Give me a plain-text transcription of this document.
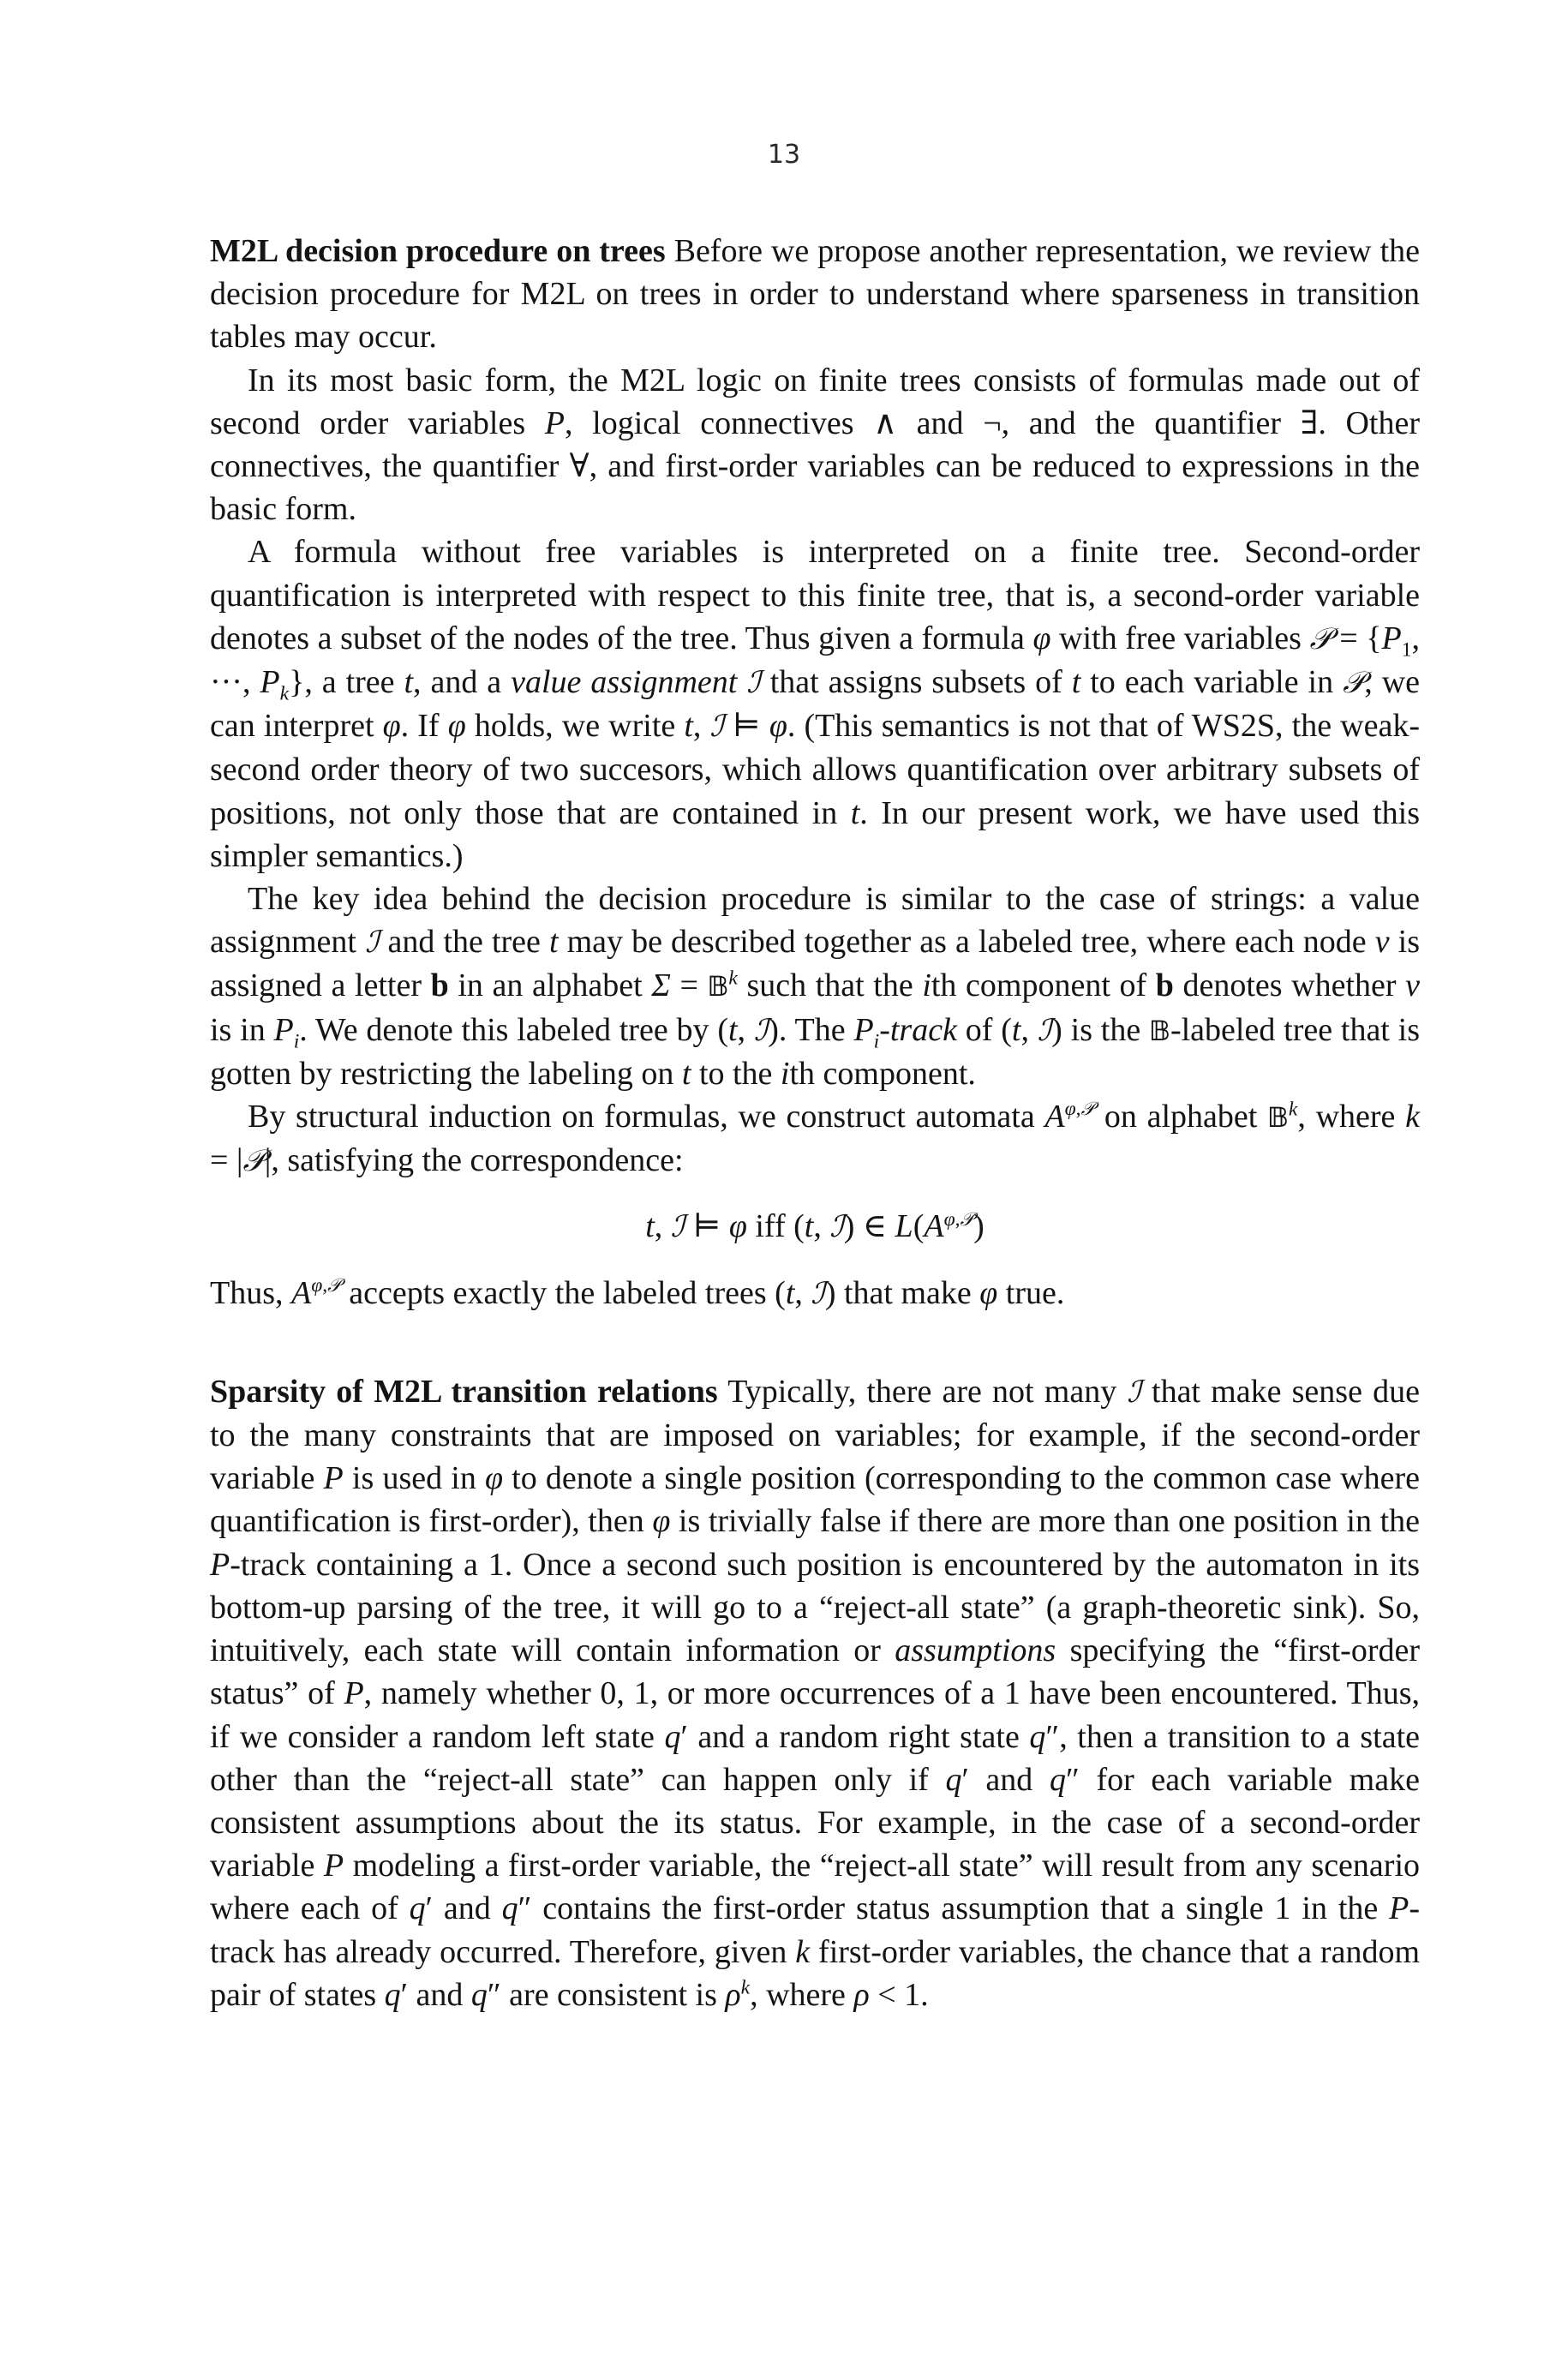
13

M2L decision procedure on trees Before we propose another representation, we review the decision procedure for M2L on trees in order to understand where sparseness in transition tables may occur.

In its most basic form, the M2L logic on finite trees consists of formulas made out of second order variables P, logical connectives ∧ and ¬, and the quantifier ∃. Other connectives, the quantifier ∀, and first-order variables can be reduced to expressions in the basic form.

A formula without free variables is interpreted on a finite tree. Second-order quantification is interpreted with respect to this finite tree, that is, a second-order variable denotes a subset of the nodes of the tree. Thus given a formula φ with free variables 𝒫 = {$P_1$, ···, $P_k$}, a tree t, and a value assignment ℐ that assigns subsets of t to each variable in 𝒫, we can interpret φ. If φ holds, we write t, ℐ ⊨ φ. (This semantics is not that of WS2S, the weak-second order theory of two succesors, which allows quantification over arbitrary subsets of positions, not only those that are contained in t. In our present work, we have used this simpler semantics.)

The key idea behind the decision procedure is similar to the case of strings: a value assignment ℐ and the tree t may be described together as a labeled tree, where each node v is assigned a letter b in an alphabet Σ = 𝔹$^k$ such that the ith component of b denotes whether v is in $P_i$. We denote this labeled tree by (t, ℐ). The $P_i$-track of (t, ℐ) is the 𝔹-labeled tree that is gotten by restricting the labeling on t to the ith component.

By structural induction on formulas, we construct automata $A^{\varphi,𝒫}$ on alphabet 𝔹$^k$, where k = |𝒫|, satisfying the correspondence:

t, ℐ ⊨ φ iff (t, ℐ) ∈ $L(A^{\varphi,𝒫})$

Thus, $A^{\varphi,𝒫}$ accepts exactly the labeled trees (t, ℐ) that make φ true.

Sparsity of M2L transition relations Typically, there are not many ℐ that make sense due to the many constraints that are imposed on variables; for example, if the second-order variable P is used in φ to denote a single position (corresponding to the common case where quantification is first-order), then φ is trivially false if there are more than one position in the P-track containing a 1. Once a second such position is encountered by the automaton in its bottom-up parsing of the tree, it will go to a “reject-all state” (a graph-theoretic sink). So, intuitively, each state will contain information or assumptions specifying the “first-order status” of P, namely whether 0, 1, or more occurrences of a 1 have been encountered. Thus, if we consider a random left state q′ and a random right state q″, then a transition to a state other than the “reject-all state” can happen only if q′ and q″ for each variable make consistent assumptions about the its status. For example, in the case of a second-order variable P modeling a first-order variable, the “reject-all state” will result from any scenario where each of q′ and q″ contains the first-order status assumption that a single 1 in the P-track has already occurred. Therefore, given k first-order variables, the chance that a random pair of states q′ and q″ are consistent is $\rho^k$, where ρ < 1.
